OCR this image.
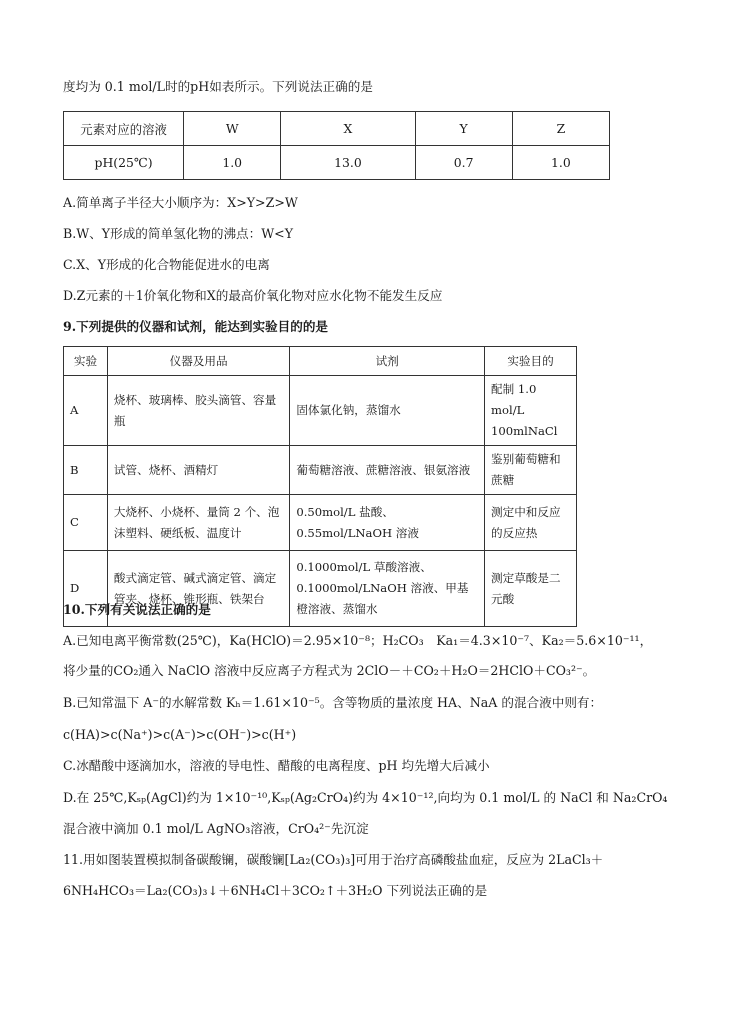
度均为 0.1 mol/L时的pH如表所示。下列说法正确的是
元素对应的溶液	W	X	Y	Z
pH(25℃)	1.0	13.0	0.7	1.0
A.简单离子半径大小顺序为：X>Y>Z>W
B.W、Y形成的简单氢化物的沸点：W<Y
C.X、Y形成的化合物能促进水的电离
D.Z元素的＋1价氧化物和X的最高价氧化物对应水化物不能发生反应
9.下列提供的仪器和试剂，能达到实验目的的是
实验	仪器及用品	试剂	实验目的
A	烧杯、玻璃棒、胶头滴管、容量瓶	固体氯化钠，蒸馏水	配制 1.0 mol/L 100mlNaCl
B	试管、烧杯、酒精灯	葡萄糖溶液、蔗糖溶液、银氨溶液	鉴别葡萄糖和蔗糖
C	大烧杯、小烧杯、量筒 2 个、泡沫塑料、硬纸板、温度计	0.50mol/L 盐酸、0.55mol/LNaOH 溶液	测定中和反应的反应热
D	酸式滴定管、碱式滴定管、滴定管夹、烧杯、锥形瓶、铁架台	0.1000mol/L 草酸溶液、0.1000mol/LNaOH 溶液、甲基橙溶液、蒸馏水	测定草酸是二元酸
10.下列有关说法正确的是
A.已知电离平衡常数(25℃)，Ka(HClO)＝2.95×10⁻⁸；H₂CO₃　Ka₁＝4.3×10⁻⁷、Ka₂＝5.6×10⁻¹¹，
将少量的CO₂通入 NaClO 溶液中反应离子方程式为 2ClO－＋CO₂＋H₂O＝2HClO＋CO₃²⁻。
B.已知常温下 A⁻的水解常数 Kₕ＝1.61×10⁻⁵。含等物质的量浓度 HA、NaA 的混合液中则有：
c(HA)>c(Na⁺)>c(A⁻)>c(OH⁻)>c(H⁺)
C.冰醋酸中逐滴加水，溶液的导电性、醋酸的电离程度、pH 均先增大后减小
D.在 25℃,Kₛₚ(AgCl)约为 1×10⁻¹⁰,Kₛₚ(Ag₂CrO₄)约为 4×10⁻¹²,向均为 0.1 mol/L 的 NaCl 和 Na₂CrO₄
混合液中滴加 0.1 mol/L AgNO₃溶液，CrO₄²⁻先沉淀
11.用如图装置模拟制备碳酸镧，碳酸镧[La₂(CO₃)₃]可用于治疗高磷酸盐血症，反应为 2LaCl₃＋
6NH₄HCO₃＝La₂(CO₃)₃↓＋6NH₄Cl＋3CO₂↑＋3H₂O 下列说法正确的是
